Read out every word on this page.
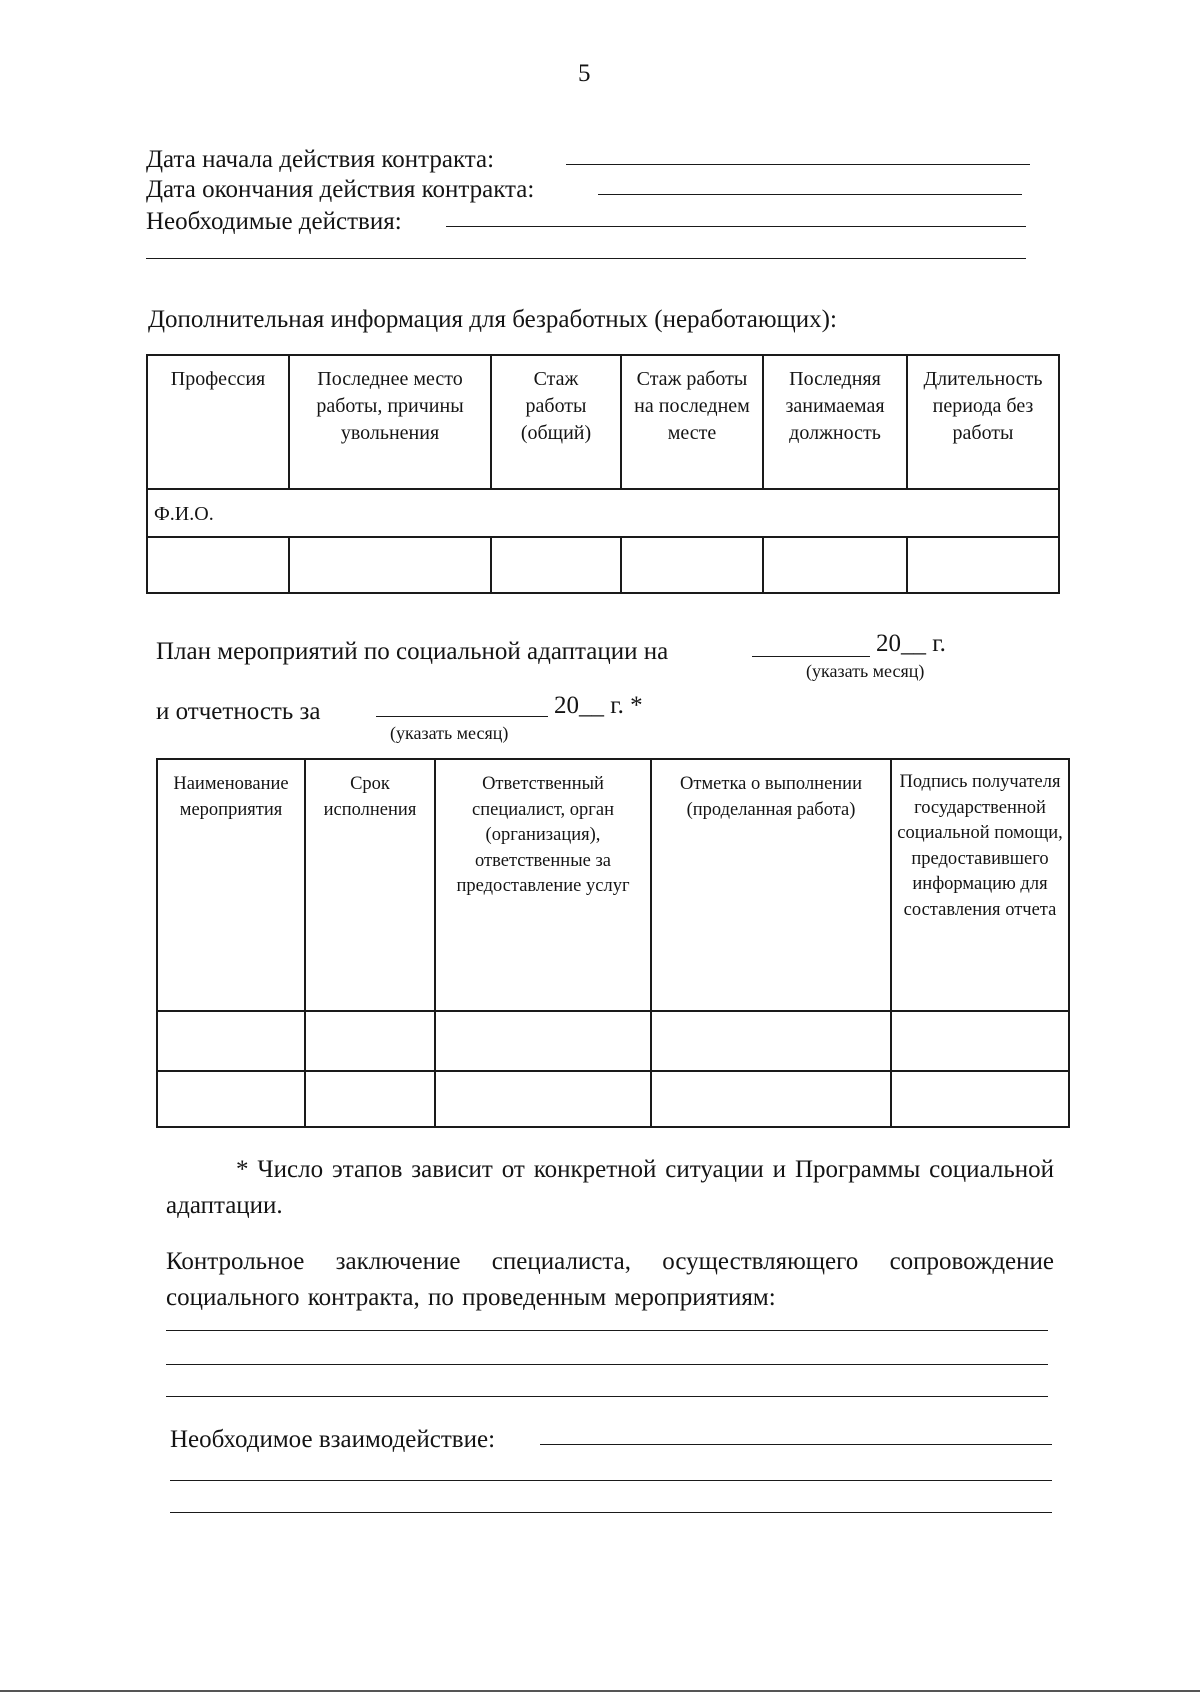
5
Дата начала действия контракта:
Дата окончания действия контракта:
Необходимые действия:
Дополнительная информация для безработных (неработающих):
Профессия	Последнее место работы, причины увольнения	Стаж работы (общий)	Стаж работы на последнем месте	Последняя занимаемая должность	Длительность периода без работы

Ф.И.О.					

План мероприятий по социальной адаптации на	20__ г.
(указать месяц)
и отчетность за	20__ г. *
(указать месяц)
Наименование мероприятия	Срок исполнения	Ответственный специалист, орган (организация), ответственные за предоставление услуг	Отметка о выполнении (проделанная работа)	Подпись получателя государственной социальной помощи, предоставившего информацию для составления отчета

* Число этапов зависит от конкретной ситуации и Программы социальной адаптации.
Контрольное заключение специалиста, осуществляющего сопровождение социального контракта, по проведенным мероприятиям:
Необходимое взаимодействие:
